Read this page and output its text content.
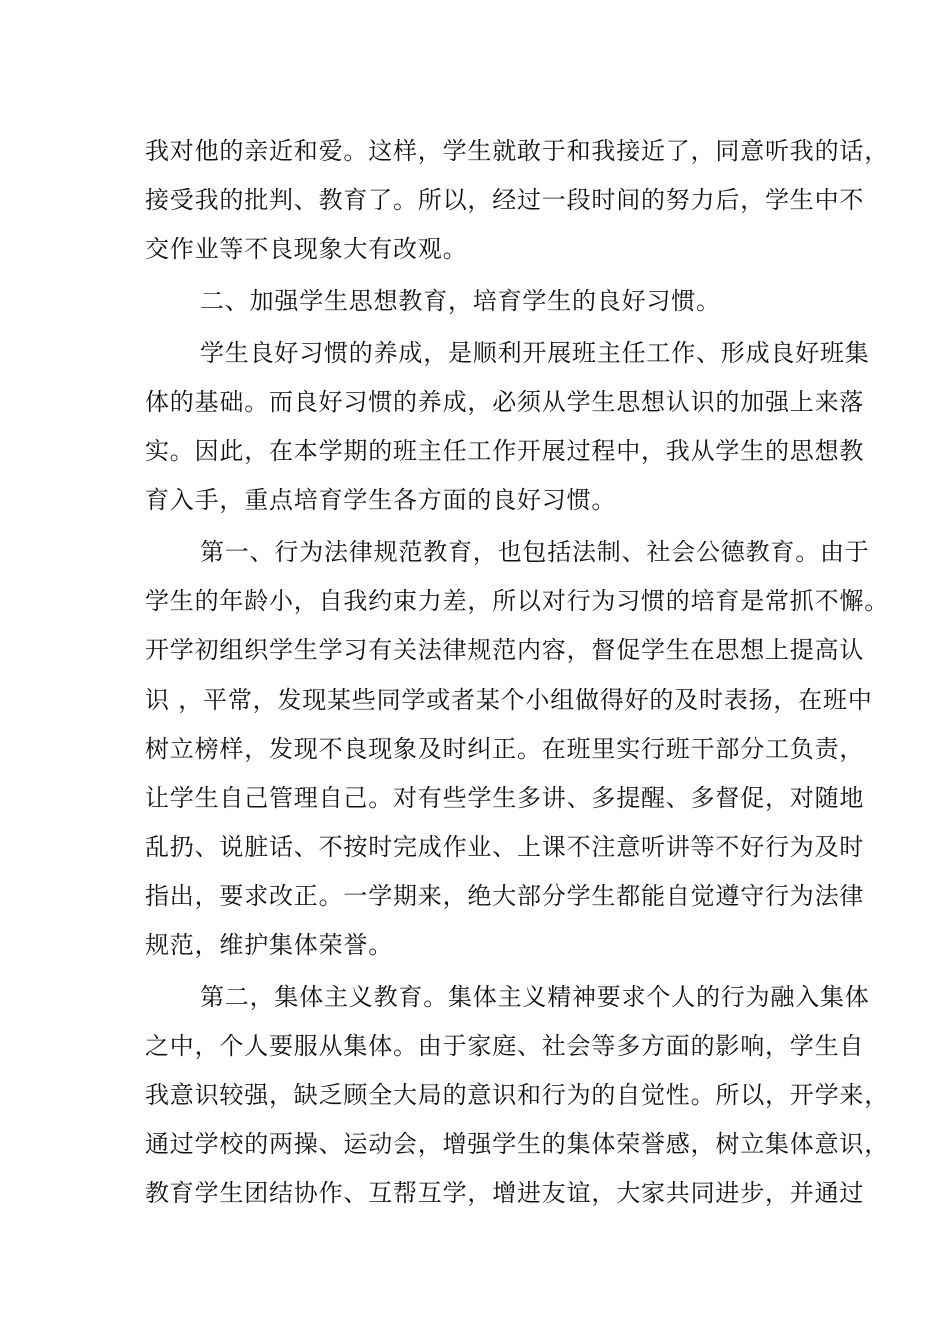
我对他的亲近和爱。这样，学生就敢于和我接近了，同意听我的话，
接受我的批判、教育了。所以，经过一段时间的努力后，学生中不
交作业等不良现象大有改观。
二、加强学生思想教育，培育学生的良好习惯。
学生良好习惯的养成，是顺利开展班主任工作、形成良好班集
体的基础。而良好习惯的养成，必须从学生思想认识的加强上来落
实。因此，在本学期的班主任工作开展过程中，我从学生的思想教
育入手，重点培育学生各方面的良好习惯。
第一、行为法律规范教育，也包括法制、社会公德教育。由于
学生的年龄小，自我约束力差，所以对行为习惯的培育是常抓不懈。
开学初组织学生学习有关法律规范内容，督促学生在思想上提高认
识 ，平常，发现某些同学或者某个小组做得好的及时表扬，在班中
树立榜样，发现不良现象及时纠正。在班里实行班干部分工负责，
让学生自己管理自己。对有些学生多讲、多提醒、多督促，对随地
乱扔、说脏话、不按时完成作业、上课不注意听讲等不好行为及时
指出，要求改正。一学期来，绝大部分学生都能自觉遵守行为法律
规范，维护集体荣誉。
第二，集体主义教育。集体主义精神要求个人的行为融入集体
之中，个人要服从集体。由于家庭、社会等多方面的影响，学生自
我意识较强，缺乏顾全大局的意识和行为的自觉性。所以，开学来，
通过学校的两操、运动会，增强学生的集体荣誉感，树立集体意识，
教育学生团结协作、互帮互学，增进友谊，大家共同进步，并通过
